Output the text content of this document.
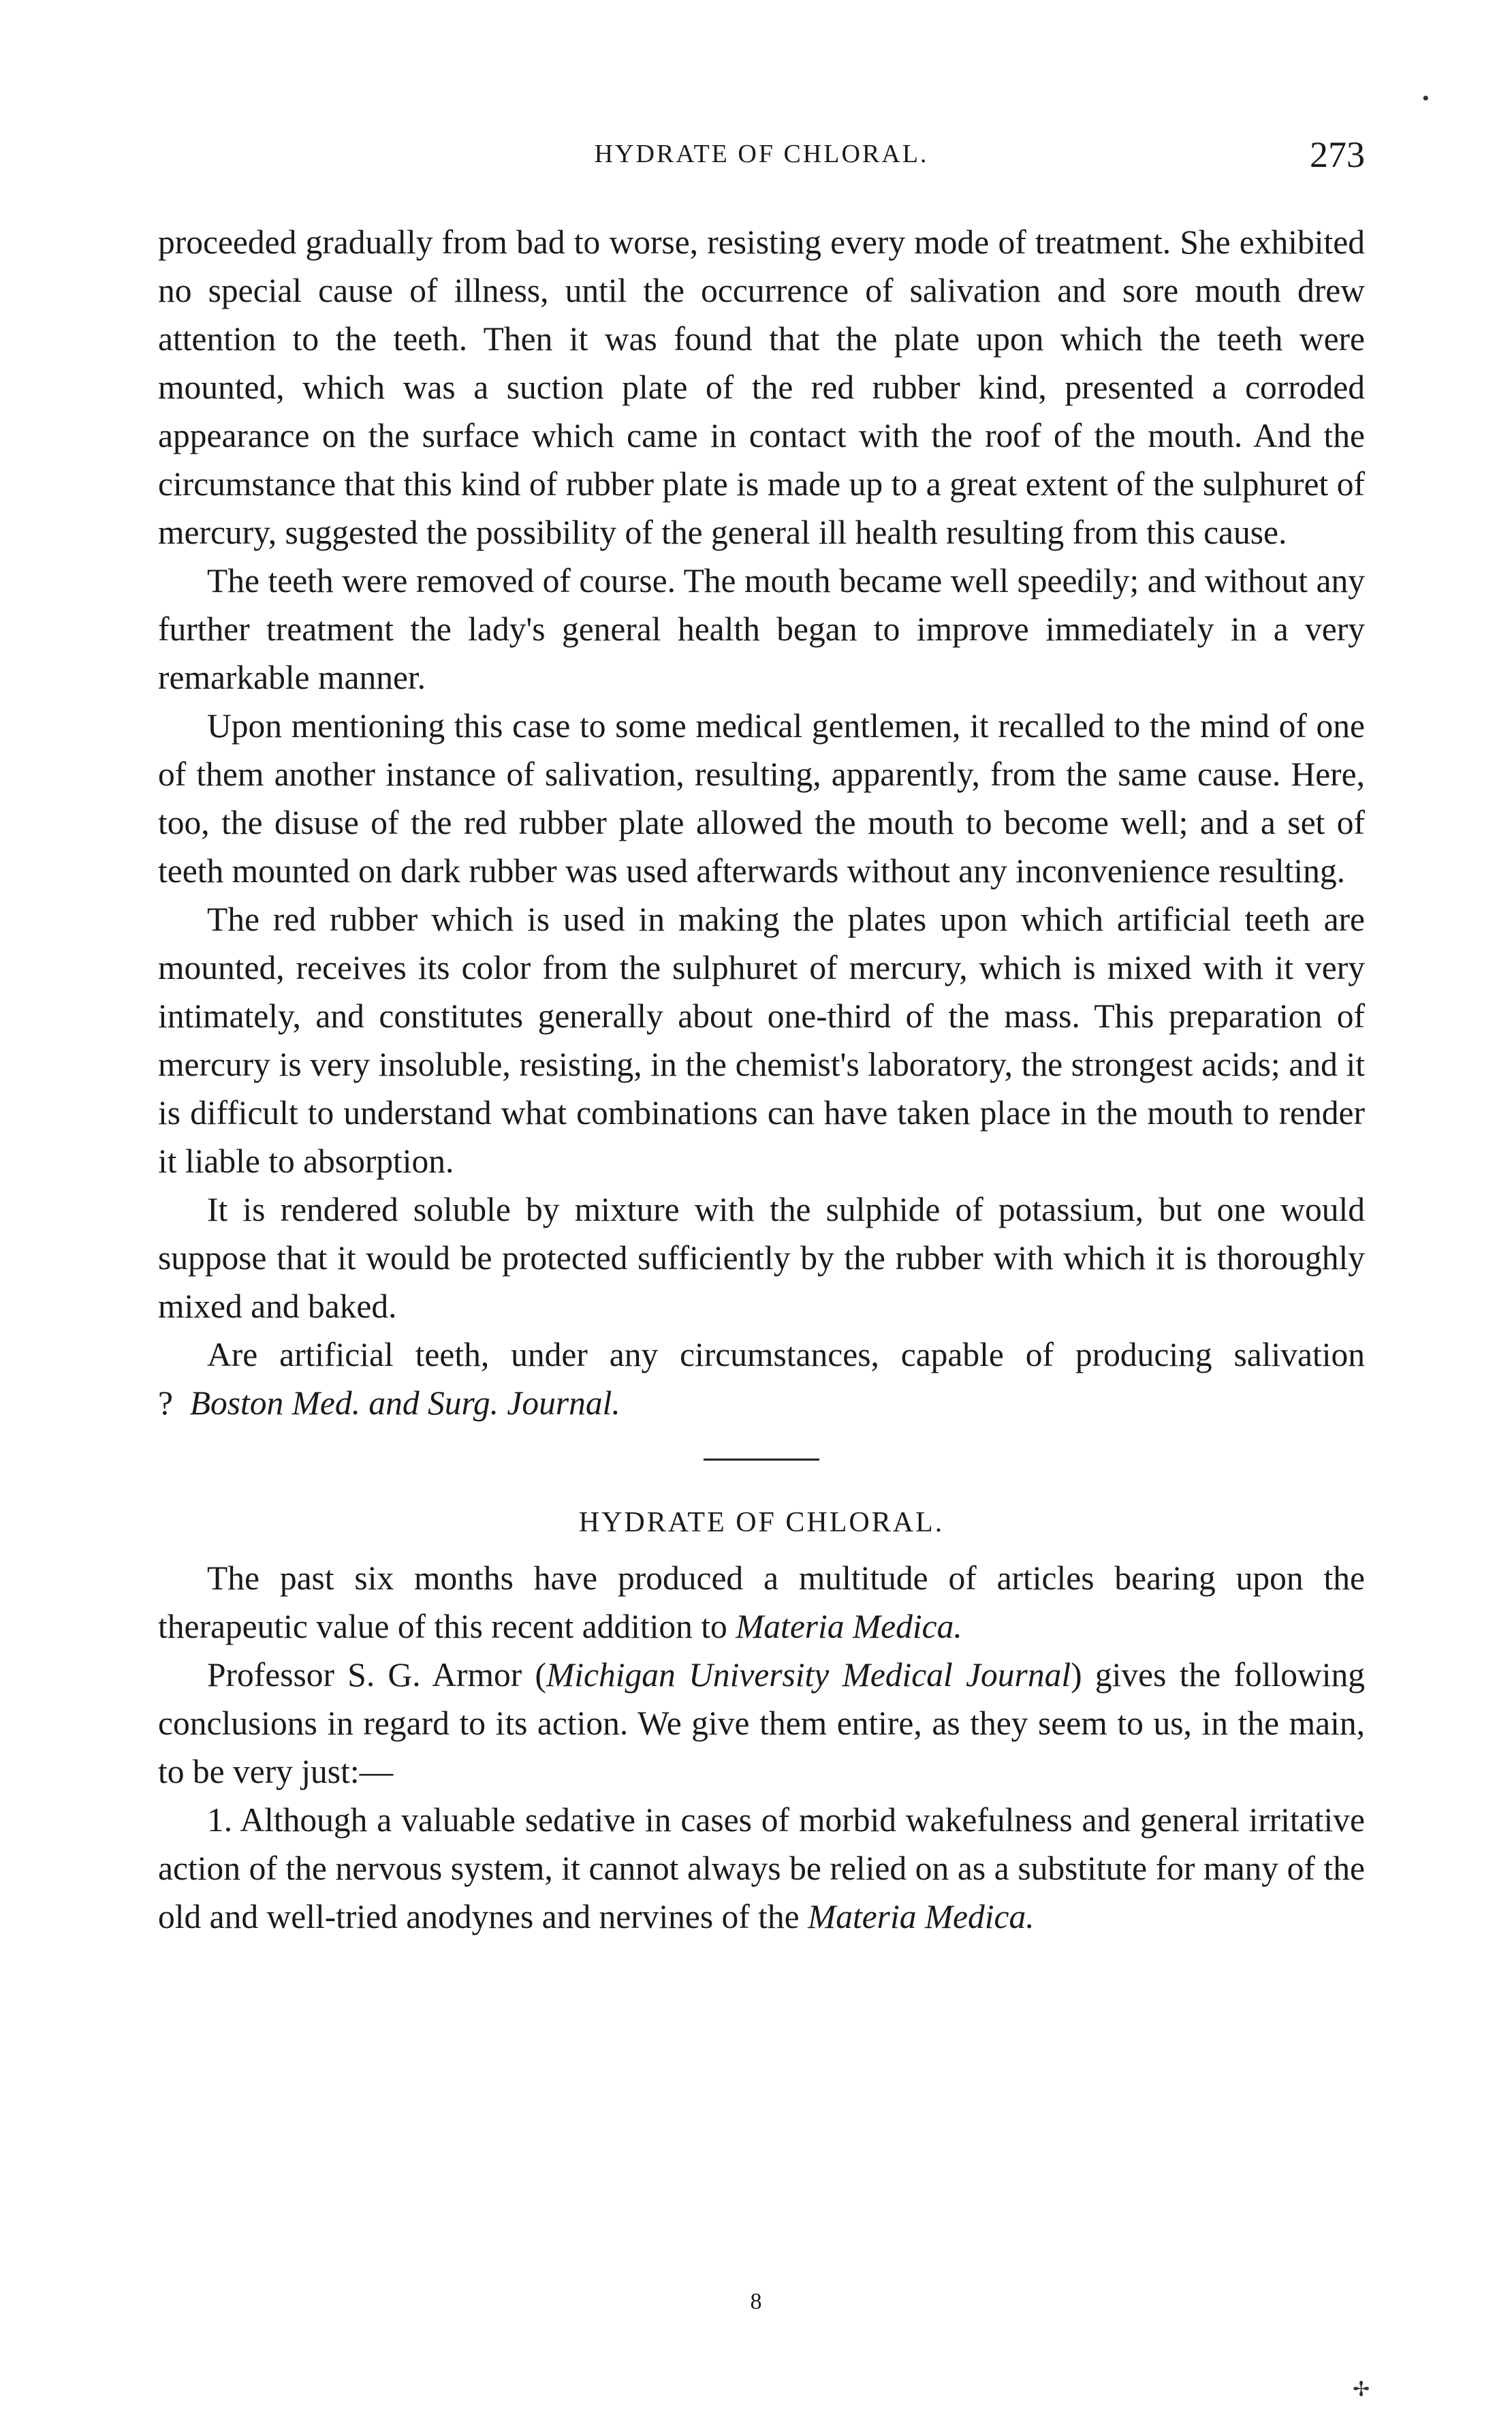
HYDRATE OF CHLORAL.	273

proceeded gradually from bad to worse, resisting every mode of treatment. She exhibited no special cause of illness, until the occurrence of salivation and sore mouth drew attention to the teeth. Then it was found that the plate upon which the teeth were mounted, which was a suction plate of the red rubber kind, presented a corroded appearance on the surface which came in contact with the roof of the mouth. And the circumstance that this kind of rubber plate is made up to a great extent of the sulphuret of mercury, suggested the possibility of the general ill health resulting from this cause.

The teeth were removed of course. The mouth became well speedily; and without any further treatment the lady's general health began to improve immediately in a very remarkable manner.

Upon mentioning this case to some medical gentlemen, it recalled to the mind of one of them another instance of salivation, resulting, apparently, from the same cause. Here, too, the disuse of the red rubber plate allowed the mouth to become well; and a set of teeth mounted on dark rubber was used afterwards without any inconvenience resulting.

The red rubber which is used in making the plates upon which artificial teeth are mounted, receives its color from the sulphuret of mercury, which is mixed with it very intimately, and constitutes generally about one-third of the mass. This preparation of mercury is very insoluble, resisting, in the chemist's laboratory, the strongest acids; and it is difficult to understand what combinations can have taken place in the mouth to render it liable to absorption.

It is rendered soluble by mixture with the sulphide of potassium, but one would suppose that it would be protected sufficiently by the rubber with which it is thoroughly mixed and baked.

Are artificial teeth, under any circumstances, capable of producing salivation ? Boston Med. and Surg. Journal.

HYDRATE OF CHLORAL.

The past six months have produced a multitude of articles bearing upon the therapeutic value of this recent addition to Materia Medica.

Professor S. G. Armor (Michigan University Medical Journal) gives the following conclusions in regard to its action. We give them entire, as they seem to us, in the main, to be very just:—

1. Although a valuable sedative in cases of morbid wakefulness and general irritative action of the nervous system, it cannot always be relied on as a substitute for many of the old and well-tried anodynes and nervines of the Materia Medica.

8
•
✢
